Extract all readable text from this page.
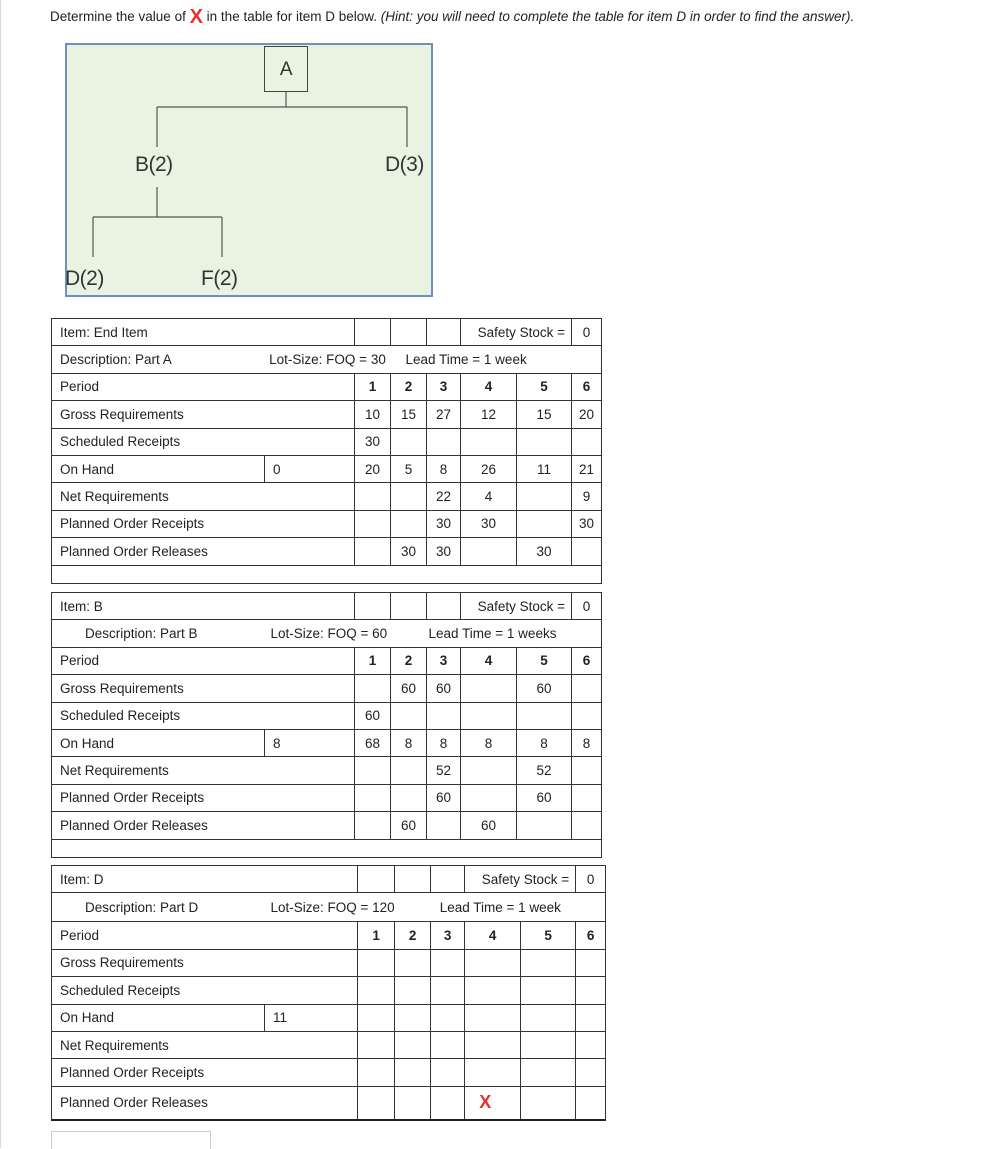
Determine the value of X in the table for item D below. (Hint: you will need to complete the table for item D in order to find the answer).
A
B(2)	D(3)
D(2)	F(2)
Item: End Item					Safety Stock =		0
Description: Part A	Lot-Size: FOQ = 30		Lead Time = 1 week				
Period		1	2	3	4	5	6
Gross Requirements		10	15	27	12	15	20
Scheduled Receipts		30					
On Hand	0	20	5	8	26	11	21
Net Requirements				22	4		9
Planned Order Receipts				30	30		30
Planned Order Releases			30	30		30	

Item: B					Safety Stock =		0
Description: Part B	Lot-Size: FOQ = 60		Lead Time = 1 weeks				
Period		1	2	3	4	5	6
Gross Requirements			60	60		60	
Scheduled Receipts		60					
On Hand	8	68	8	8	8	8	8
Net Requirements				52		52	
Planned Order Receipts				60		60	
Planned Order Releases			60		60		

Item: D					Safety Stock =		0
Description: Part D	Lot-Size: FOQ = 120		Lead Time = 1 week				
Period		1	2	3	4	5	6
Gross Requirements							
Scheduled Receipts							
On Hand	11						
Net Requirements							
Planned Order Receipts							
Planned Order Releases					X		
